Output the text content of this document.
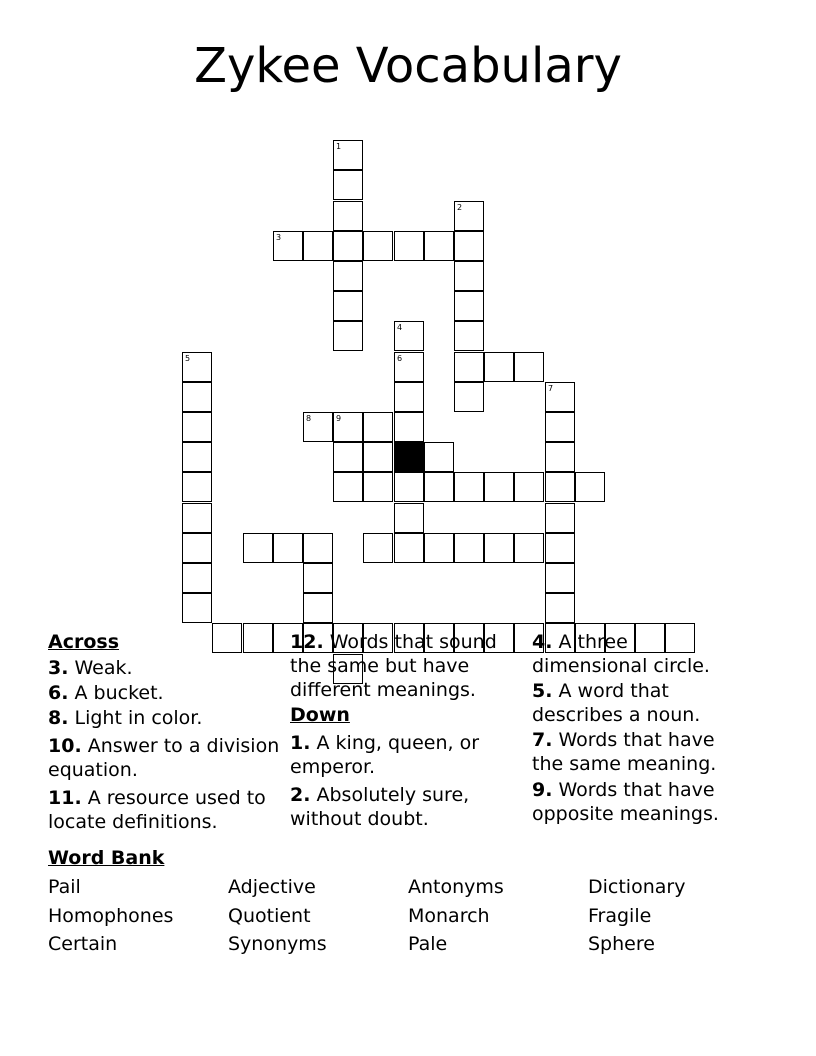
Zykee Vocabulary
1
2
3
4
6
5
7
8	9
Across
3. Weak.
6. A bucket.
8. Light in color.
10. Answer to a division equation.
11. A resource used to locate definitions.
12. Words that sound the same but have different meanings.
Down
1. A king, queen, or emperor.
2. Absolutely sure, without doubt.
4. A three dimensional circle.
5. A word that describes a noun.
7. Words that have the same meaning.
9. Words that have opposite meanings.
Word Bank
Pail	Adjective	Antonyms	Dictionary
Homophones	Quotient	Monarch	Fragile
Certain	Synonyms	Pale	Sphere
